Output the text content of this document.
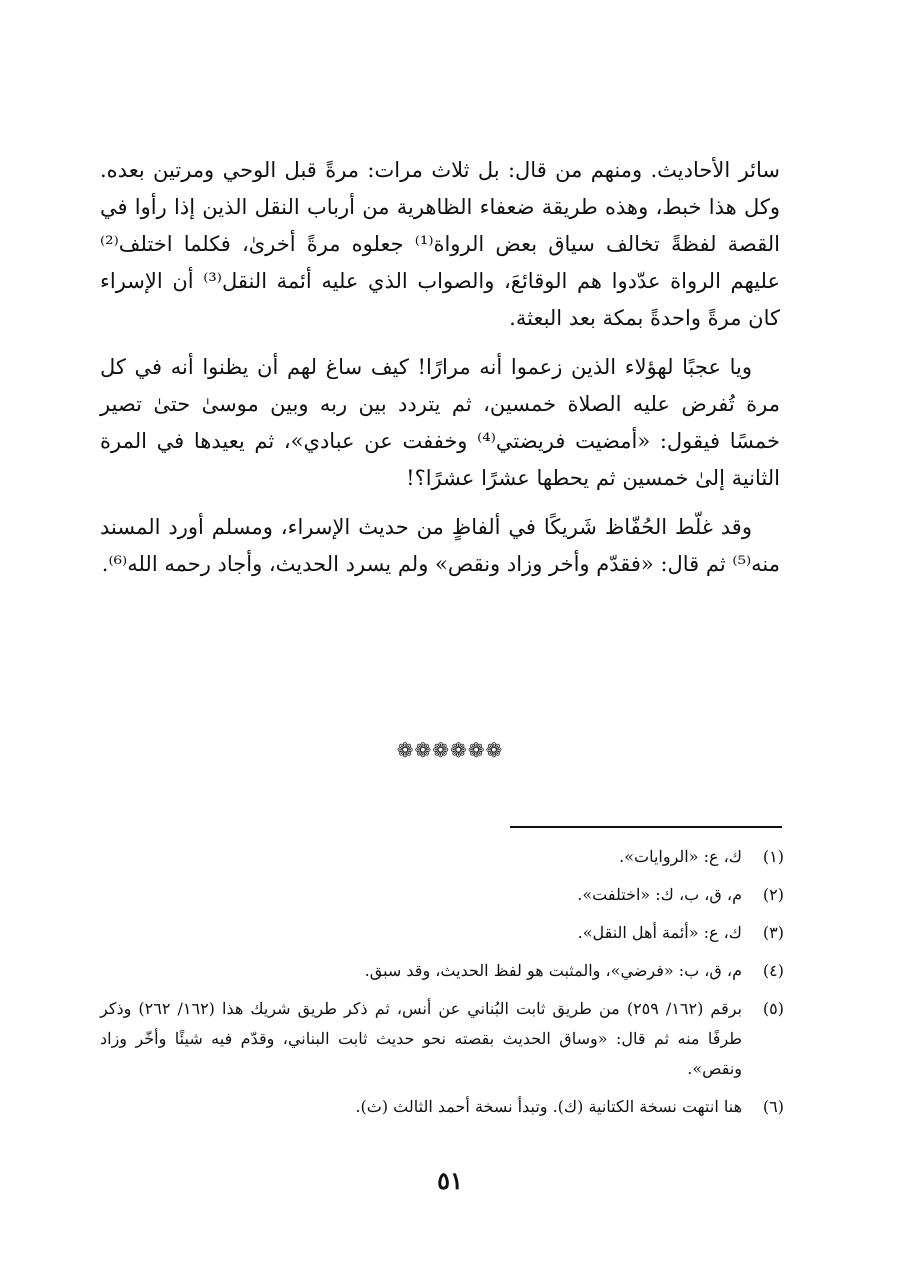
سائر الأحاديث. ومنهم من قال: بل ثلاث مرات: مرةً قبل الوحي ومرتين بعده. وكل هذا خبط، وهذه طريقة ضعفاء الظاهرية من أرباب النقل الذين إذا رأوا في القصة لفظةً تخالف سياق بعض الرواة⁽¹⁾ جعلوه مرةً أخرىٰ، فكلما اختلف⁽²⁾ عليهم الرواة عدّدوا هم الوقائعَ، والصواب الذي عليه أئمة النقل⁽³⁾ أن الإسراء كان مرةً واحدةً بمكة بعد البعثة.

ويا عجبًا لهؤلاء الذين زعموا أنه مرارًا! كيف ساغ لهم أن يظنوا أنه في كل مرة تُفرض عليه الصلاة خمسين، ثم يتردد بين ربه وبين موسىٰ حتىٰ تصير خمسًا فيقول: «أمضيت فريضتي⁽⁴⁾ وخففت عن عبادي»، ثم يعيدها في المرة الثانية إلىٰ خمسين ثم يحطها عشرًا عشرًا؟!

وقد غلّط الحُفّاظ شَريكًا في ألفاظٍ من حديث الإسراء، ومسلم أورد المسند منه⁽⁵⁾ ثم قال: «فقدّم وأخر وزاد ونقص» ولم يسرد الحديث، وأجاد رحمه الله⁽⁶⁾.

❁❁❁❁❁❁
(١)
ك، ع: «الروايات».
(٢)
م، ق، ب، ك: «اختلفت».
(٣)
ك، ع: «أئمة أهل النقل».
(٤)
م، ق، ب: «فرضي»، والمثبت هو لفظ الحديث، وقد سبق.
(٥)
برقم (١٦٢/ ٢٥٩) من طريق ثابت البُناني عن أنس، ثم ذكر طريق شريك هذا (١٦٢/ ٢٦٢) وذكر طرفًا منه ثم قال: «وساق الحديث بقصته نحو حديث ثابت البناني، وقدّم فيه شيئًا وأخّر وزاد ونقص».
(٦)
هنا انتهت نسخة الكتانية (ك). وتبدأ نسخة أحمد الثالث (ث).
٥١
